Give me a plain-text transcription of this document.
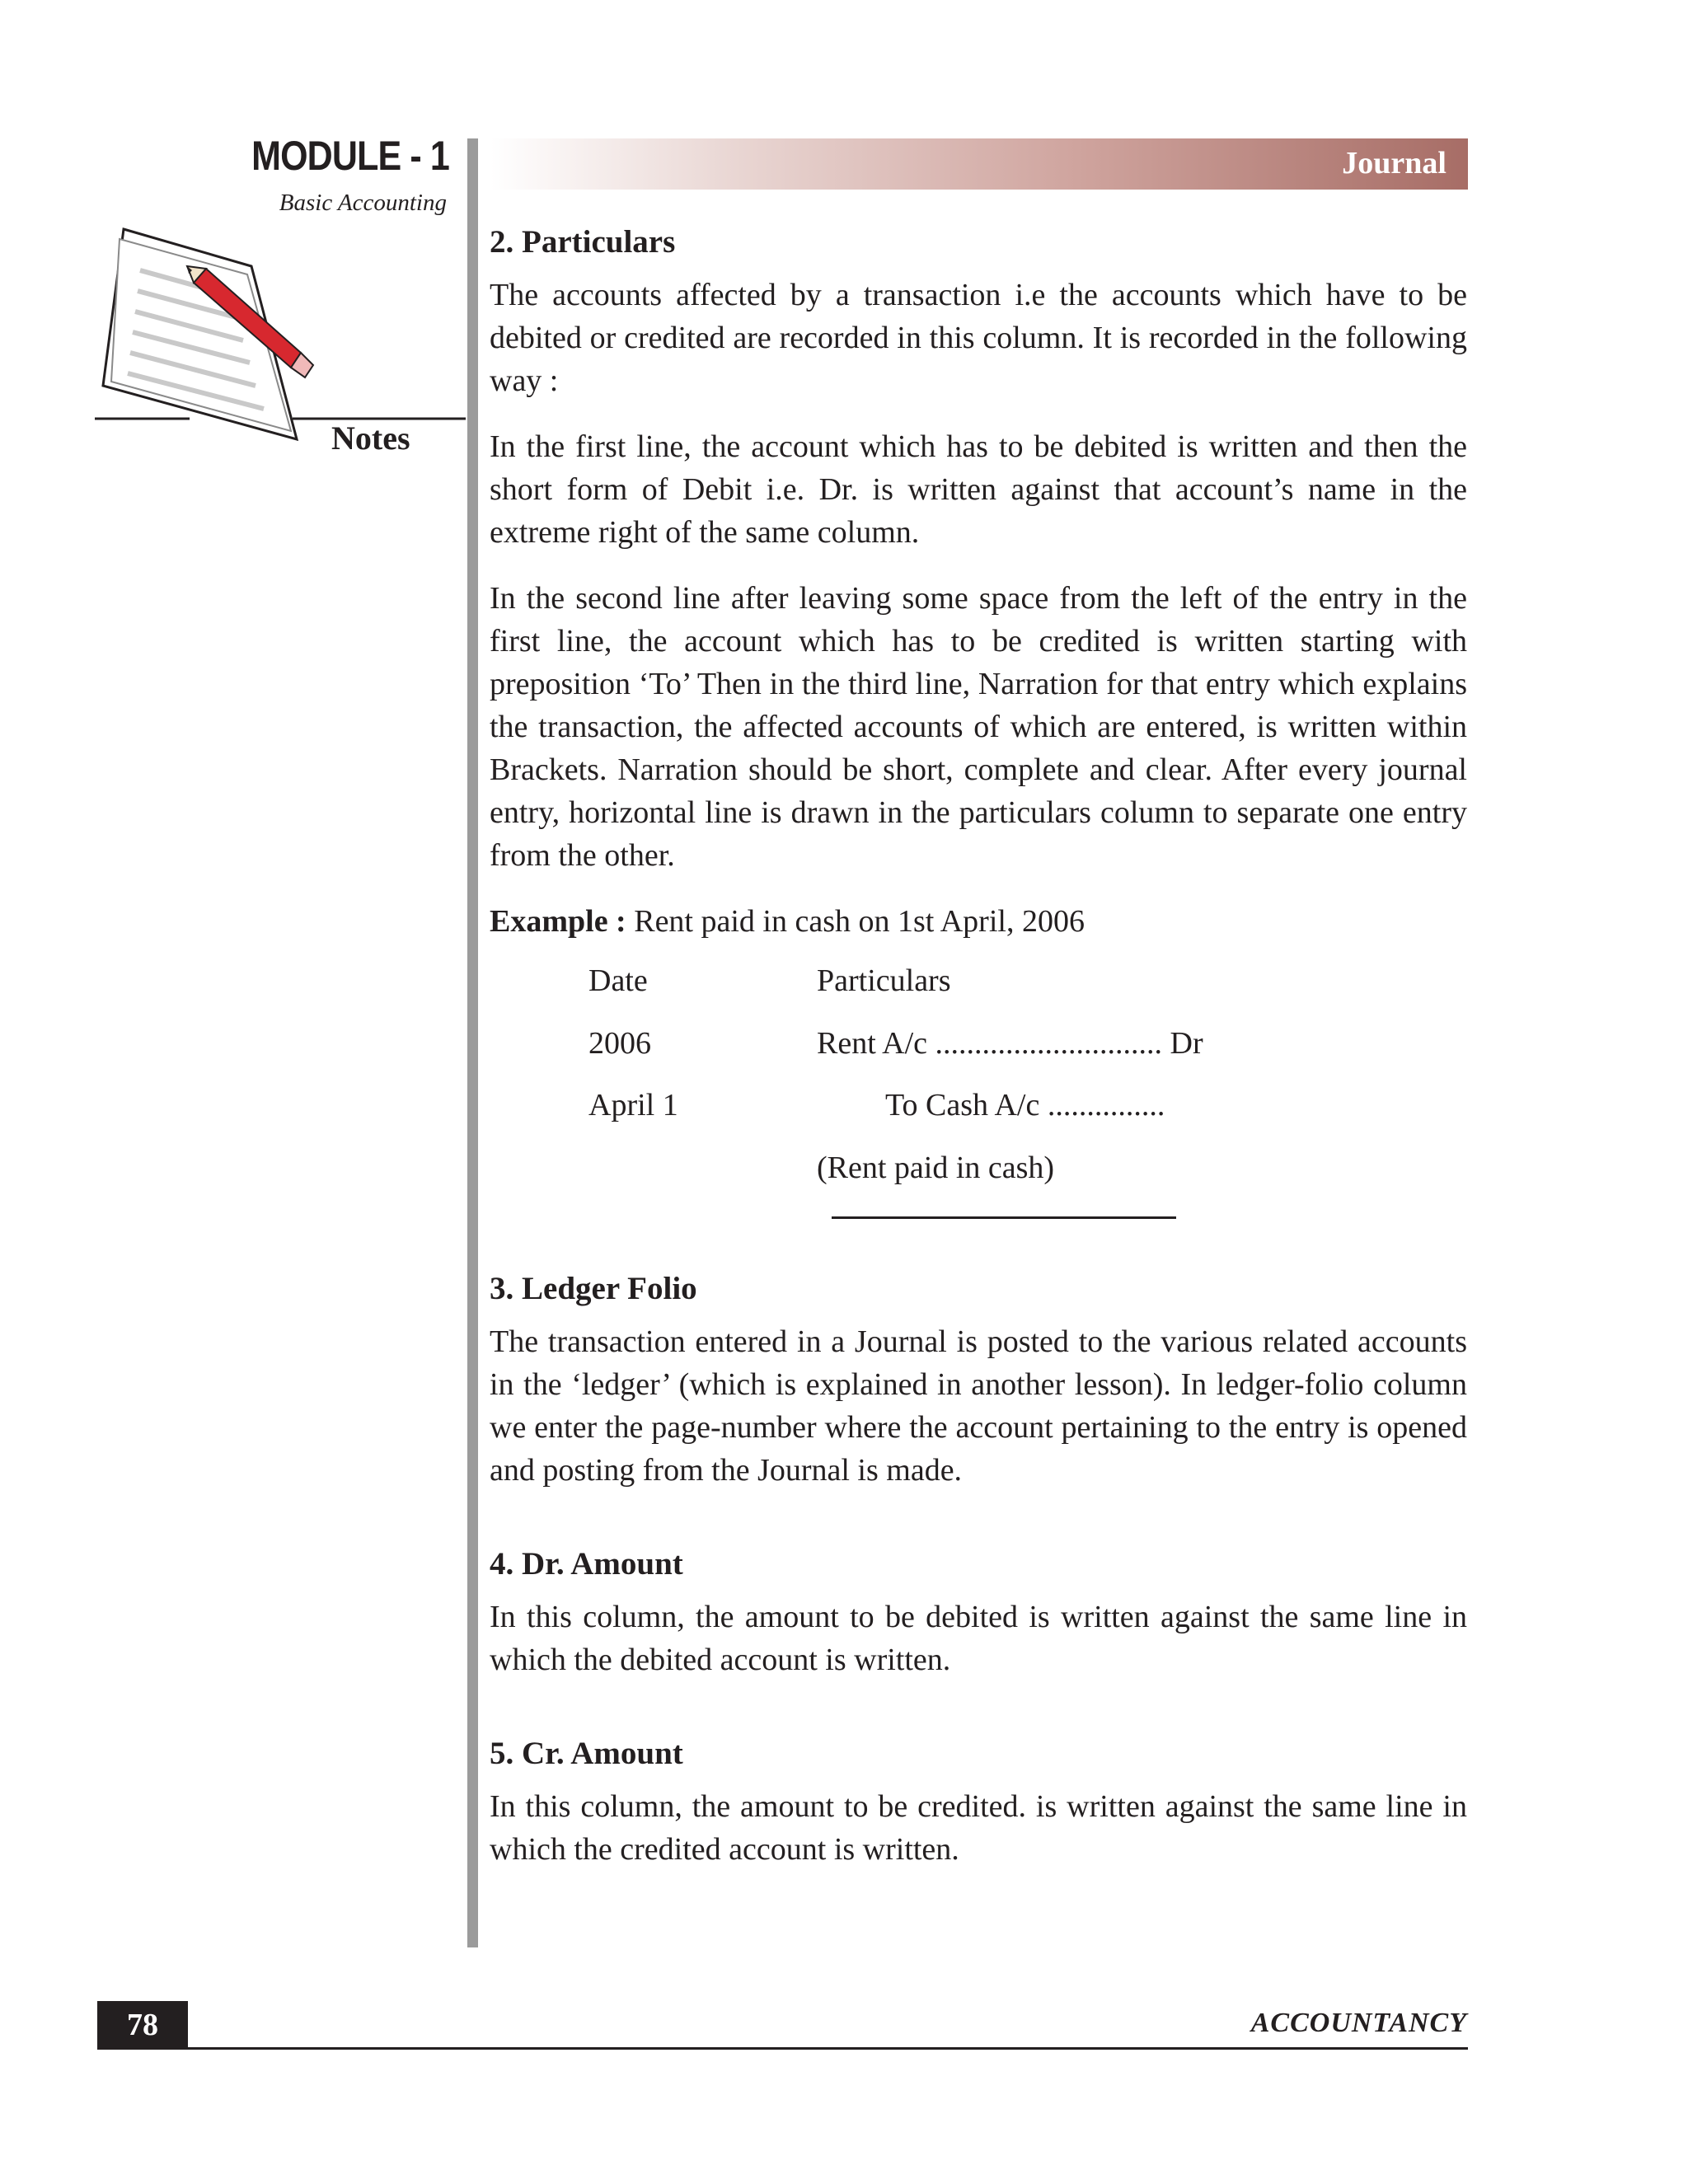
MODULE - 1
Basic Accounting
Notes
Journal
2. Particulars

The accounts affected by a transaction i.e the accounts which have to be debited or credited are recorded in this column. It is recorded in the following way :

In the first line, the account which has to be debited is written and then the short form of Debit i.e. Dr. is written against that account’s name in the extreme right of the same column.

In the second line after leaving some space from the left of the entry in the first line, the account which has to be credited is written starting with preposition ‘To’ Then in the third line, Narration for that entry which explains the transaction, the affected accounts of which are entered, is written within Brackets. Narration should be short, complete and clear. After every journal entry, horizontal line is drawn in the particulars column to separate one entry from the other.

Example : Rent paid in cash on 1st April, 2006
Date	Particulars
2006	Rent A/c ............................. Dr
April 1	To Cash A/c ...............
(Rent paid in cash)
3. Ledger Folio

The transaction entered in a Journal is posted to the various related accounts in the ‘ledger’ (which is explained in another lesson). In ledger-folio column we enter the page-number where the account pertaining to the entry is opened and posting from the Journal is made.

4. Dr. Amount

In this column, the amount to be debited is written against the same line in which the debited account is written.

5. Cr. Amount

In this column, the amount to be credited. is written against the same line in which the credited account is written.

78	ACCOUNTANCY
